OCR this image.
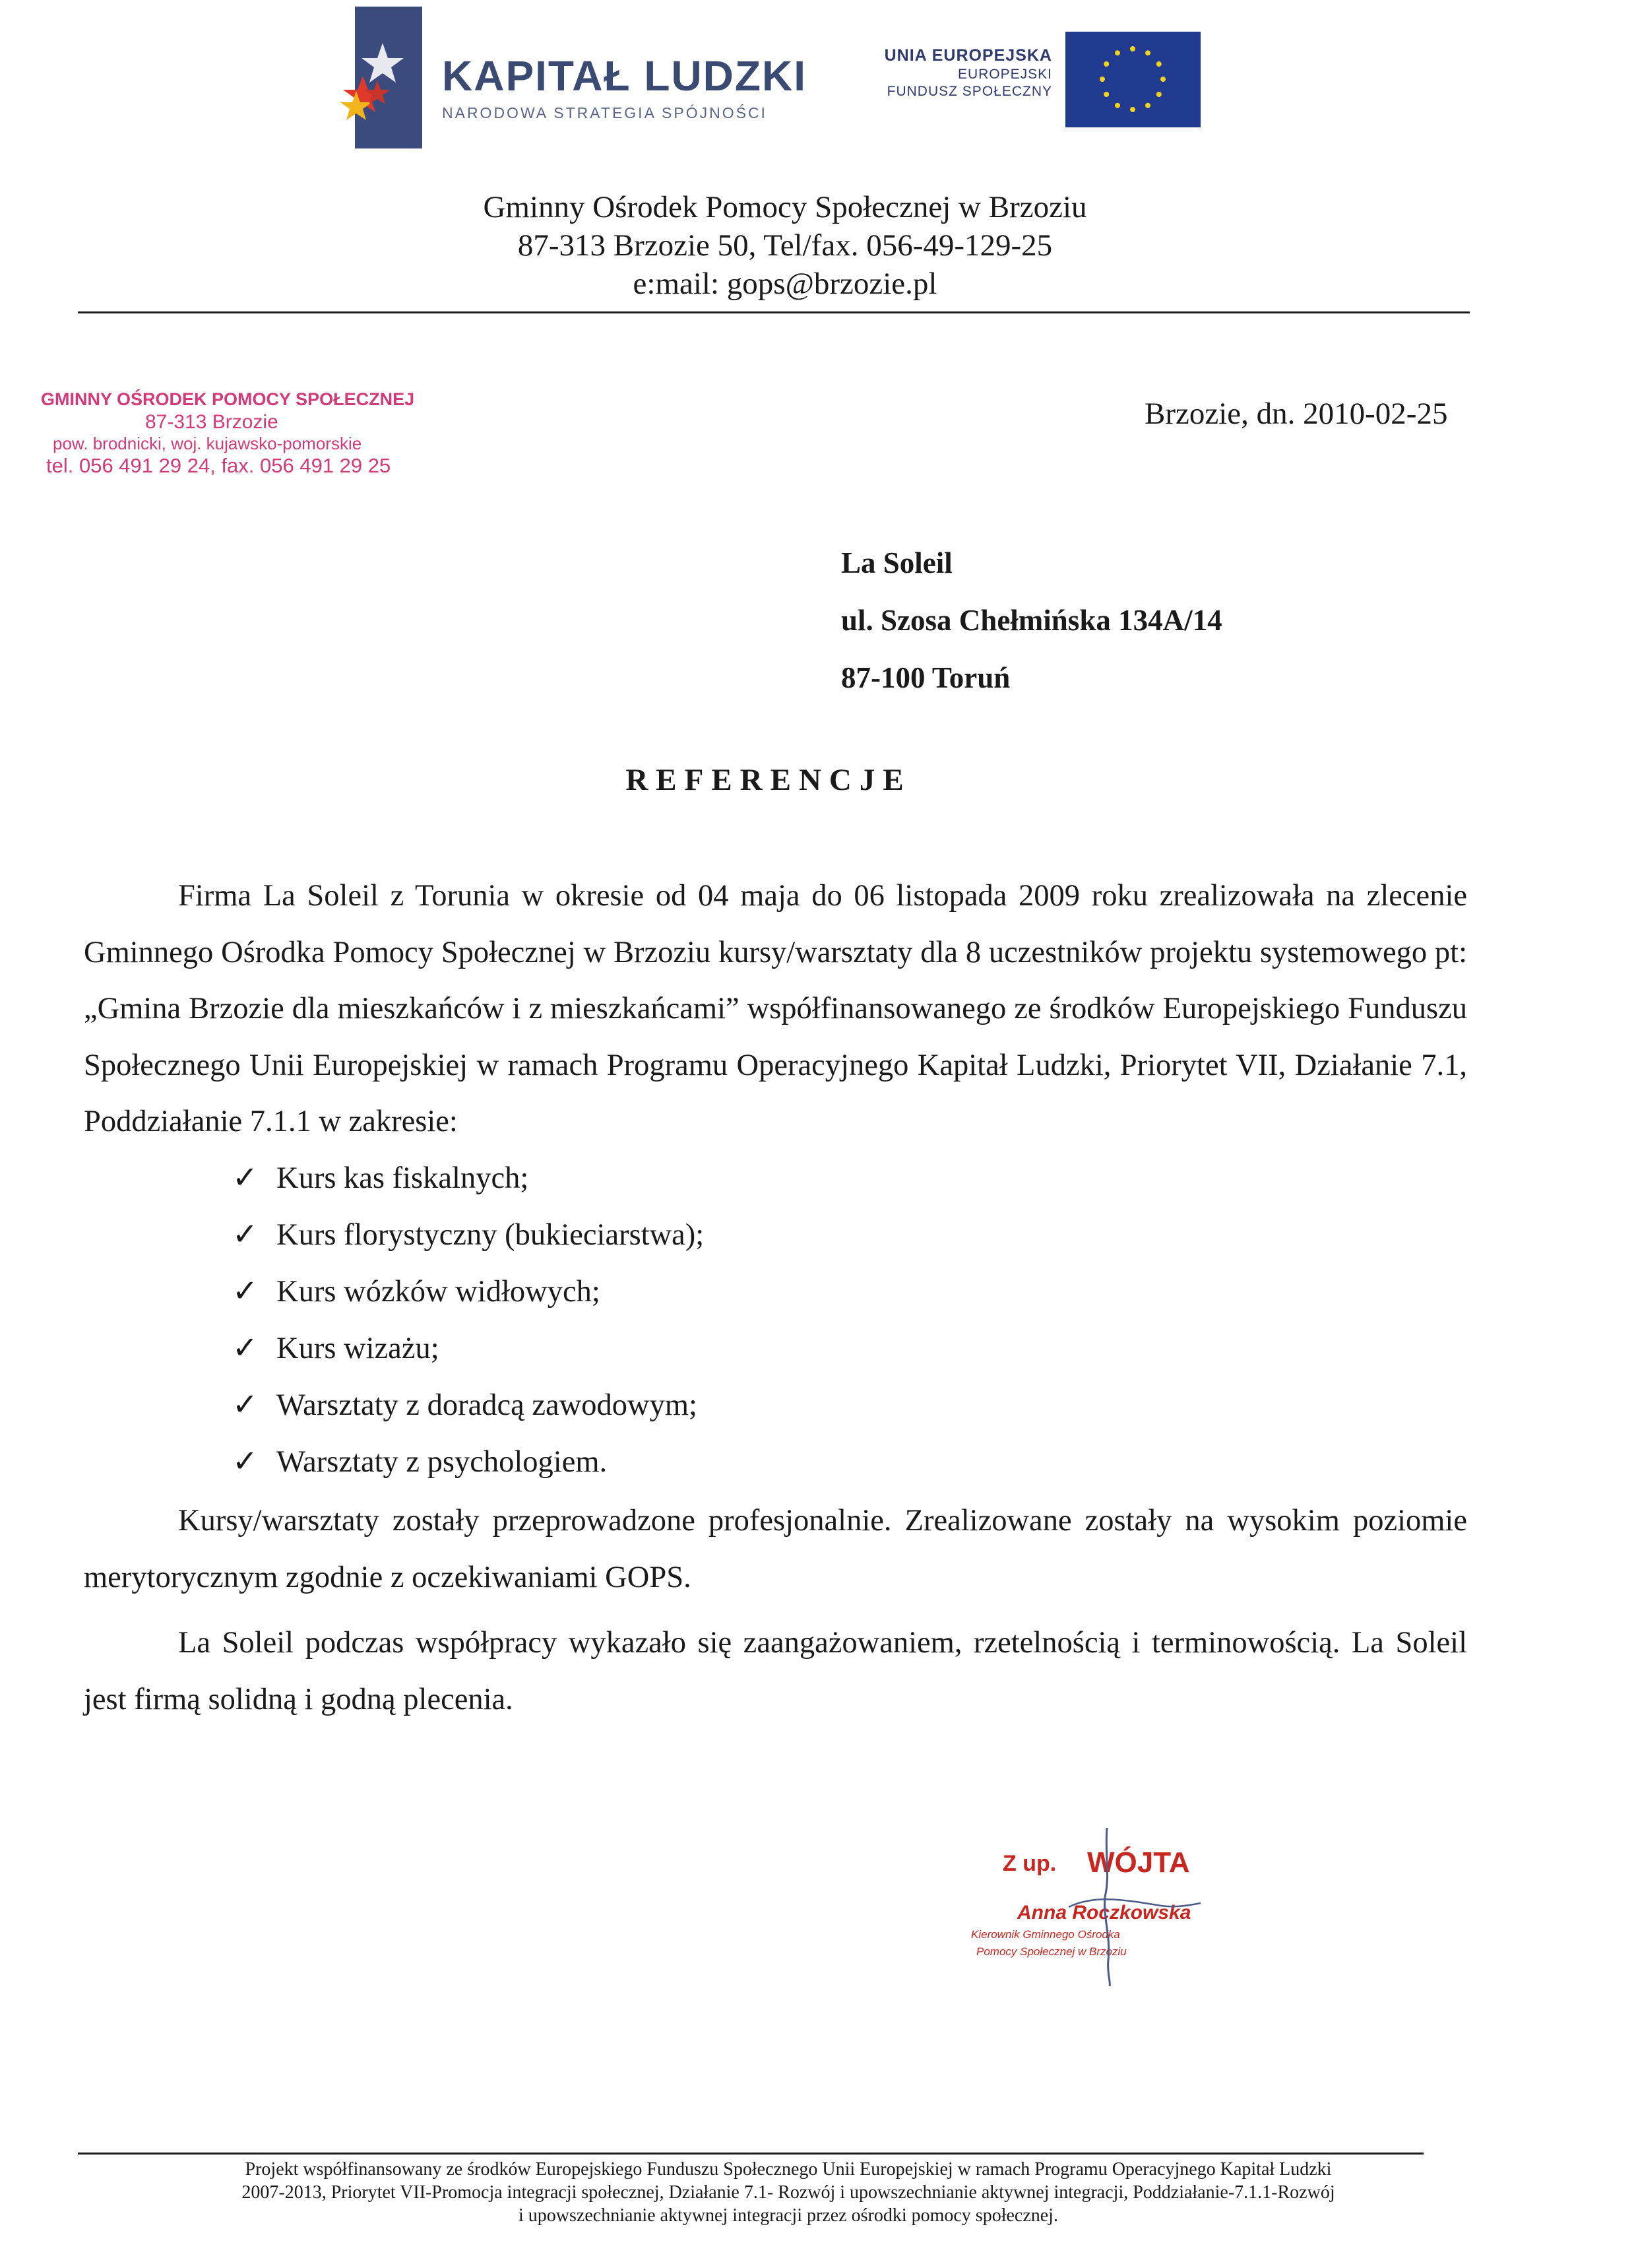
KAPITAŁ LUDZKI
NARODOWA STRATEGIA SPÓJNOŚCI
UNIA EUROPEJSKA
EUROPEJSKI
FUNDUSZ SPOŁECZNY
Gminny Ośrodek Pomocy Społecznej w Brzoziu
87-313 Brzozie 50, Tel/fax. 056-49-129-25
e:mail: gops@brzozie.pl
GMINNY OŚRODEK POMOCY SPOŁECZNEJ
87-313 Brzozie
pow. brodnicki, woj. kujawsko-pomorskie
tel. 056 491 29 24, fax. 056 491 29 25
Brzozie, dn. 2010-02-25
La Soleil
ul. Szosa Chełmińska 134A/14
87-100 Toruń
REFERENCJE
Firma La Soleil z Torunia w okresie od 04 maja do 06 listopada 2009 roku zrealizowała na zlecenie Gminnego Ośrodka Pomocy Społecznej w Brzoziu kursy/warsztaty dla 8 uczestników projektu systemowego pt: „Gmina Brzozie dla mieszkańców i z mieszkańcami” współfinansowanego ze środków Europejskiego Funduszu Społecznego Unii Europejskiej w ramach Programu Operacyjnego Kapitał Ludzki, Priorytet VII, Działanie 7.1, Poddziałanie 7.1.1 w zakresie:
✓ Kurs kas fiskalnych;
✓ Kurs florystyczny (bukieciarstwa);
✓ Kurs wózków widłowych;
✓ Kurs wizażu;
✓ Warsztaty z doradcą zawodowym;
✓ Warsztaty z psychologiem.
Kursy/warsztaty zostały przeprowadzone profesjonalnie. Zrealizowane zostały na wysokim poziomie merytorycznym zgodnie z oczekiwaniami GOPS.
La Soleil podczas współpracy wykazało się zaangażowaniem, rzetelnością i terminowością. La Soleil jest firmą solidną i godną plecenia.
Z up. WÓJTA
Anna Roczkowska
Kierownik Gminnego Ośrodka
Pomocy Społecznej w Brzoziu
Projekt współfinansowany ze środków Europejskiego Funduszu Społecznego Unii Europejskiej w ramach Programu Operacyjnego Kapitał Ludzki
2007-2013, Priorytet VII-Promocja integracji społecznej, Działanie 7.1- Rozwój i upowszechnianie aktywnej integracji, Poddziałanie-7.1.1-Rozwój
i upowszechnianie aktywnej integracji przez ośrodki pomocy społecznej.
